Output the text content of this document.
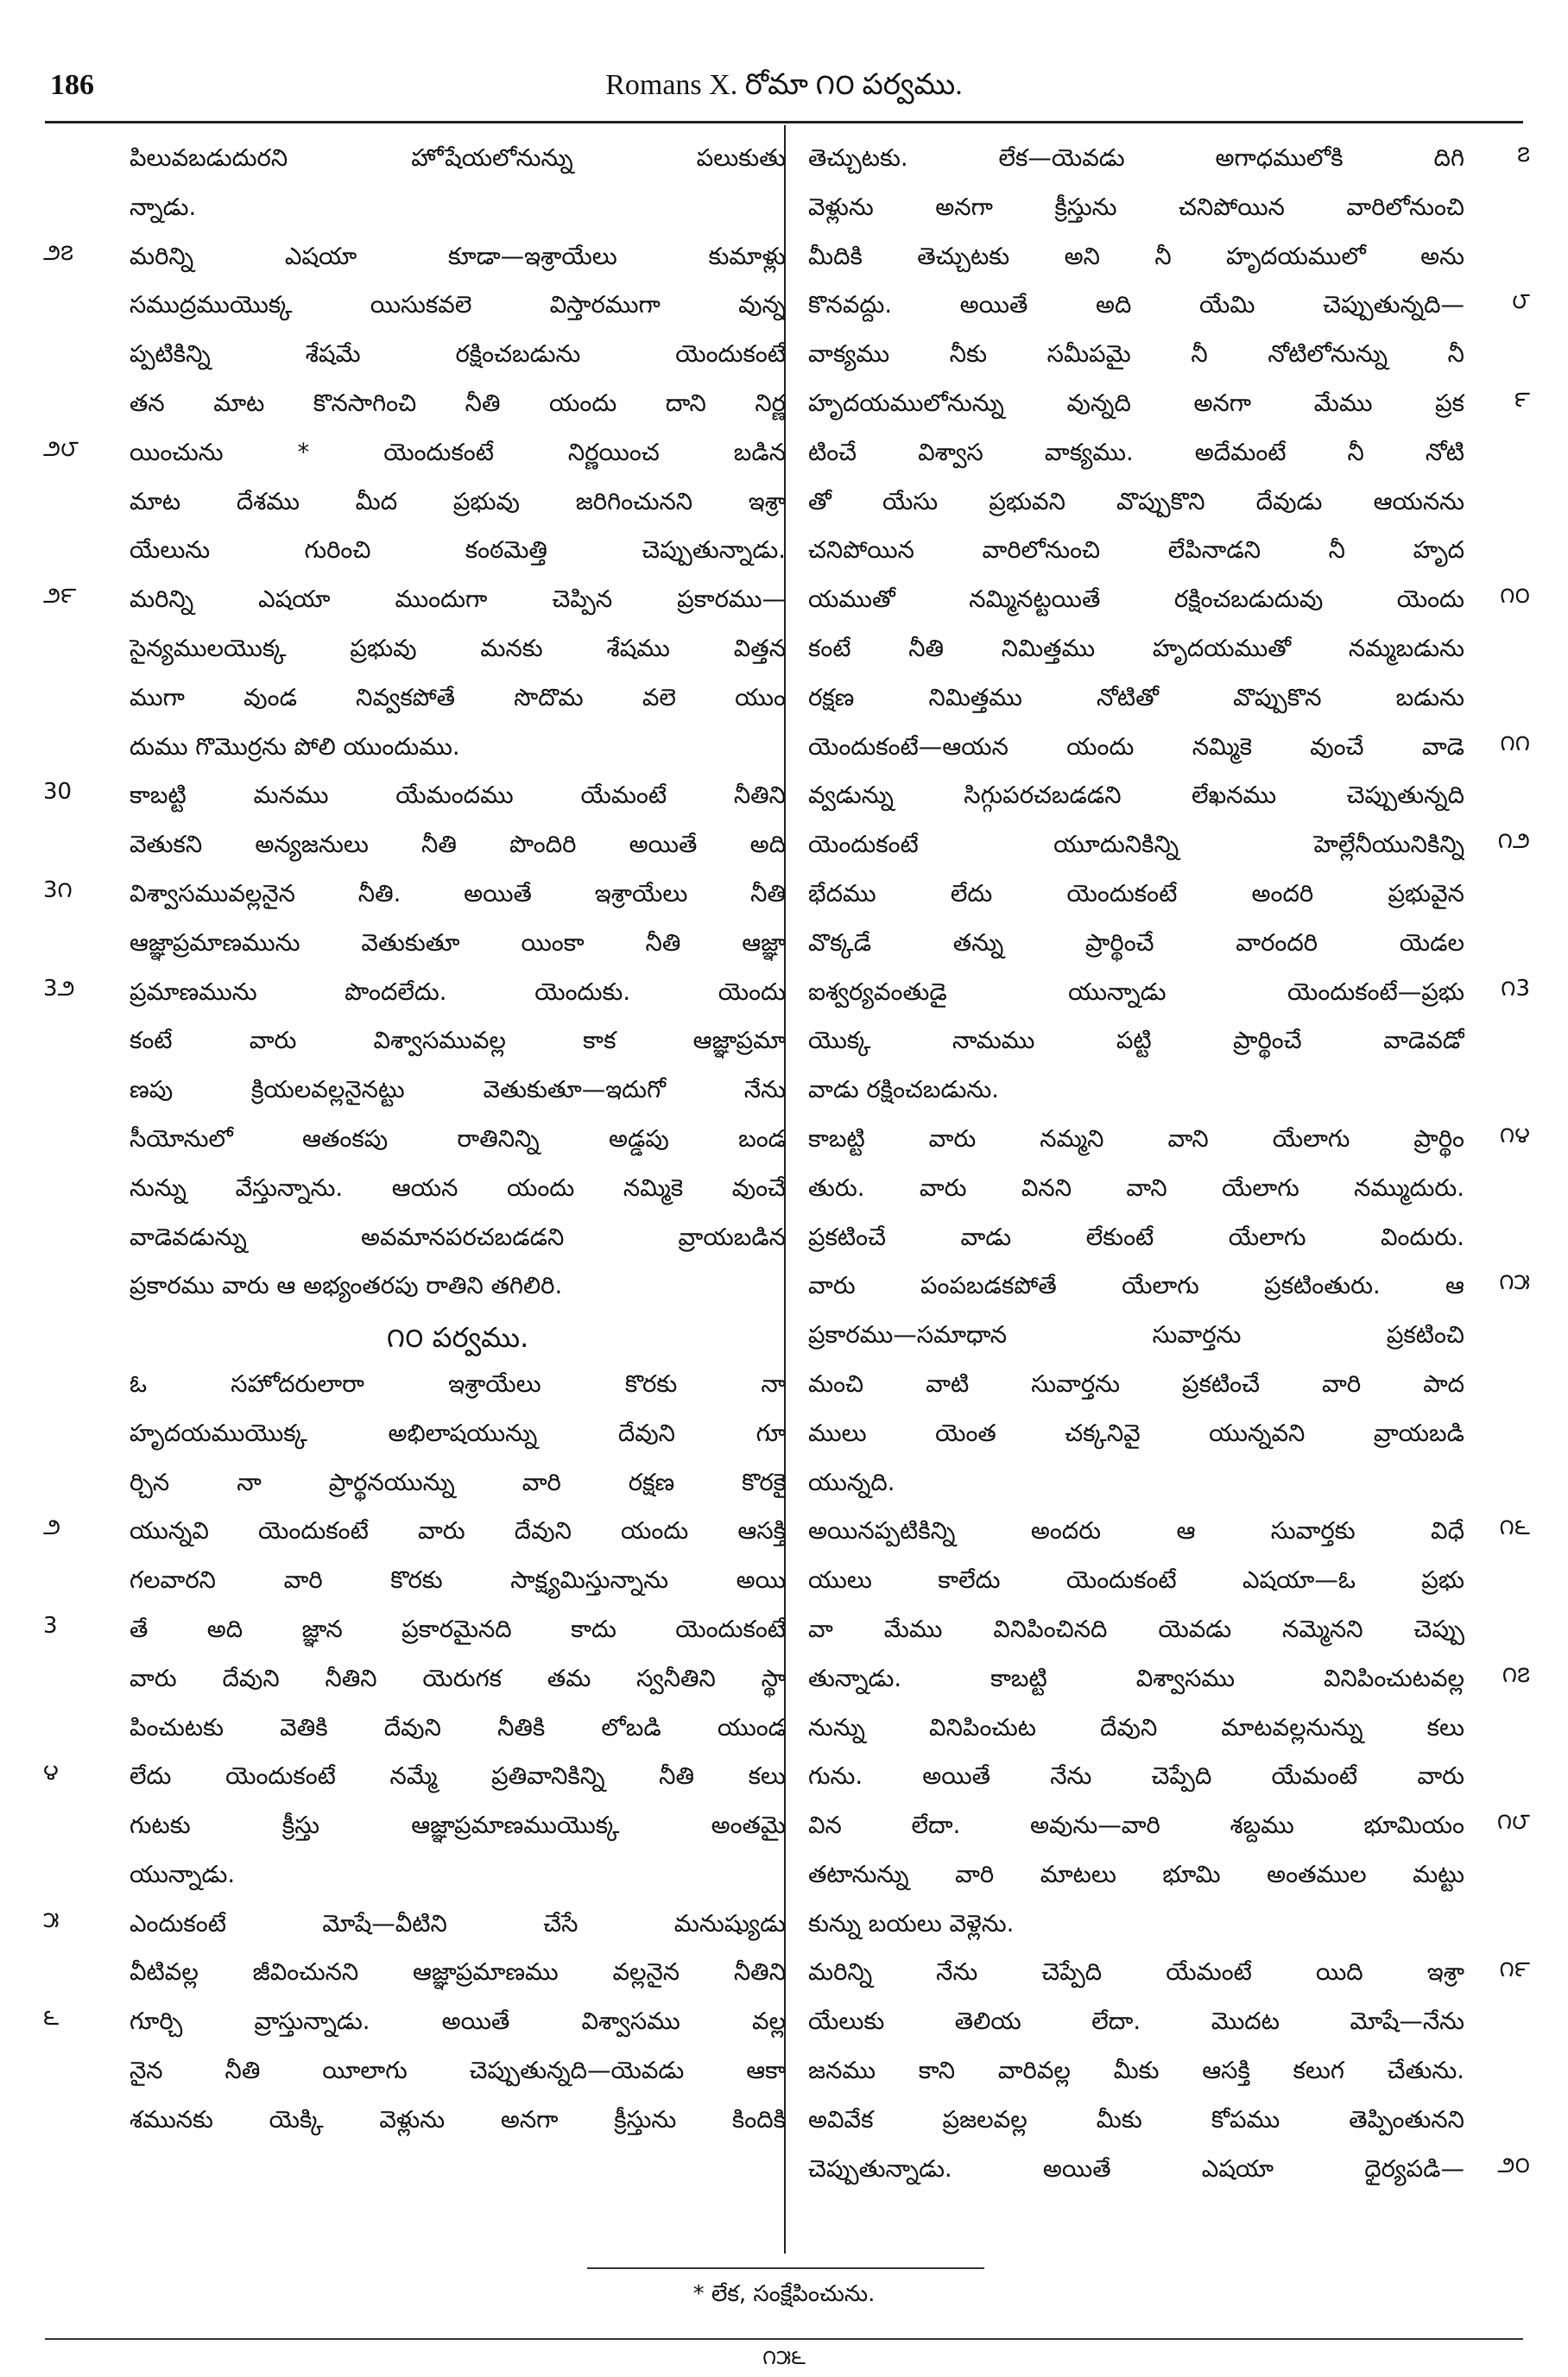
186	Romans X. రోమా ౧౦ పర్వము.
పిలువబడుదురని హోషేయలోనున్ను పలుకుతు
న్నాడు.
మరిన్ని ఎషయా కూడా—ఇశ్రాయేలు కుమాళ్లు
సముద్రముయొక్క యిసుకవలె విస్తారముగా వున్న
ప్పటికిన్ని శేషమే రక్షించబడును యెందుకంటే
తన మాట కొనసాగించి నీతి యందు దాని నిర్ణ
యించును * యెందుకంటే నిర్ణయించ బడిన
మాట దేశము మీద ప్రభువు జరిగించునని ఇశ్రా
యేలును గురించి కంఠమెత్తి చెప్పుతున్నాడు.
మరిన్ని ఎషయా ముందుగా చెప్పిన ప్రకారము—
సైన్యములయొక్క ప్రభువు మనకు శేషము విత్తన
ముగా వుండ నివ్వకపోతే సొదొమ వలె యుం
దుము గొమొర్రను పోలి యుందుము.
కాబట్టి మనము యేమందము యేమంటే నీతిని
వెతుకని అన్యజనులు నీతి పొందిరి అయితే అది
విశ్వాసమువల్లనైన నీతి. అయితే ఇశ్రాయేలు నీతి
ఆజ్ఞాప్రమాణమును వెతుకుతూ యింకా నీతి ఆజ్ఞా
ప్రమాణమును పొందలేదు. యెందుకు. యెందు
కంటే వారు విశ్వాసమువల్ల కాక ఆజ్ఞాప్రమా
ణపు క్రియలవల్లనైనట్టు వెతుకుతూ—ఇదుగో నేను
సీయోనులో ఆతంకపు రాతినిన్ని అడ్డపు బండ
నున్ను వేస్తున్నాను. ఆయన యందు నమ్మికె వుంచే
వాడెవడున్ను అవమానపరచబడడని వ్రాయబడిన
ప్రకారము వారు ఆ అభ్యంతరపు రాతిని తగిలిరి.
౧౦ పర్వము.
ఓ సహోదరులారా ఇశ్రాయేలు కొరకు నా
హృదయముయొక్క అభిలాషయున్ను దేవుని గూ
ర్చిన నా ప్రార్థనయున్ను వారి రక్షణ కొరకై
యున్నవి యెందుకంటే వారు దేవుని యందు ఆసక్తి
గలవారని వారి కొరకు సాక్ష్యమిస్తున్నాను అయి
తే అది జ్ఞాన ప్రకారమైనది కాదు యెందుకంటే
వారు దేవుని నీతిని యెరుగక తమ స్వనీతిని స్థా
పించుటకు వెతికి దేవుని నీతికి లోబడి యుండ
లేదు యెందుకంటే నమ్మే ప్రతివానికిన్ని నీతి కలు
గుటకు క్రీస్తు ఆజ్ఞాప్రమాణముయొక్క అంతమై
యున్నాడు.
ఎందుకంటే మోషే—వీటిని చేసే మనుష్యుడు
వీటివల్ల జీవించునని ఆజ్ఞాప్రమాణము వల్లనైన నీతిని
గూర్చి వ్రాస్తున్నాడు. అయితే విశ్వాసము వల్ల
నైన నీతి యీలాగు చెప్పుతున్నది—యెవడు ఆకా
శమునకు యెక్కి వెళ్లును అనగా క్రీస్తును కిందికి
తెచ్చుటకు. లేక—యెవడు అగాధములోకి దిగి
వెళ్లును అనగా క్రీస్తును చనిపోయిన వారిలోనుంచి
మీదికి తెచ్చుటకు అని నీ హృదయములో అను
కొనవద్దు. అయితే అది యేమి చెప్పుతున్నది—
వాక్యము నీకు సమీపమై నీ నోటిలోనున్ను నీ
హృదయములోనున్ను వున్నది అనగా మేము ప్రక
టించే విశ్వాస వాక్యము. అదేమంటే నీ నోటి
తో యేసు ప్రభువని వొప్పుకొని దేవుడు ఆయనను
చనిపోయిన వారిలోనుంచి లేపినాడని నీ హృద
యముతో నమ్మినట్టయితే రక్షించబడుదువు యెందు
కంటే నీతి నిమిత్తము హృదయముతో నమ్మబడును
రక్షణ నిమిత్తము నోటితో వొప్పుకొన బడును
యెందుకంటే—ఆయన యందు నమ్మికె వుంచే వాడె
వ్వడున్ను సిగ్గుపరచబడడని లేఖనము చెప్పుతున్నది
యెందుకంటే యూదునికిన్ని హెల్లేనీయునికిన్ని
భేదము లేదు యెందుకంటే అందరి ప్రభువైన
వొక్కడే తన్ను ప్రార్థించే వారందరి యెడల
ఐశ్వర్యవంతుడై యున్నాడు యెందుకంటే—ప్రభు
యొక్క నామము పట్టి ప్రార్థించే వాడెవడో
వాడు రక్షించబడును.
కాబట్టి వారు నమ్మని వాని యేలాగు ప్రార్థిం
తురు. వారు వినని వాని యేలాగు నమ్ముదురు.
ప్రకటించే వాడు లేకుంటే యేలాగు విందురు.
వారు పంపబడకపోతే యేలాగు ప్రకటింతురు. ఆ
ప్రకారము—సమాధాన సువార్తను ప్రకటించి
మంచి వాటి సువార్తను ప్రకటించే వారి పాద
ములు యెంత చక్కనివై యున్నవని వ్రాయబడి
యున్నది.
అయినప్పటికిన్ని అందరు ఆ సువార్తకు విధే
యులు కాలేదు యెందుకంటే ఎషయా—ఓ ప్రభు
వా మేము వినిపించినది యెవడు నమ్మెనని చెప్పు
తున్నాడు. కాబట్టి విశ్వాసము వినిపించుటవల్ల
నున్ను వినిపించుట దేవుని మాటవల్లనున్ను కలు
గును. అయితే నేను చెప్పేది యేమంటే వారు
విన లేదా. అవును—వారి శబ్దము భూమియం
తటానున్ను వారి మాటలు భూమి అంతముల మట్టు
కున్ను బయలు వెళ్లెను.
మరిన్ని నేను చెప్పేది యేమంటే యిది ఇశ్రా
యేలుకు తెలియ లేదా. మొదట మోషే—నేను
జనము కాని వారివల్ల మీకు ఆసక్తి కలుగ చేతును.
అవివేక ప్రజలవల్ల మీకు కోపము తెప్పింతునని
చెప్పుతున్నాడు. అయితే ఎషయా ధైర్యపడి—
౨౭
౨౮
౨౯
30
3౧
3౨
౨
3
౪
౫
౬
౭
౮
౯
౧౦
౧౧
౧౨
౧3
౧౪
౧౫
౧౬
౧౭
౧౮
౧౯
౨౦
* లేక, సంక్షేపించును.
౧౫౬
